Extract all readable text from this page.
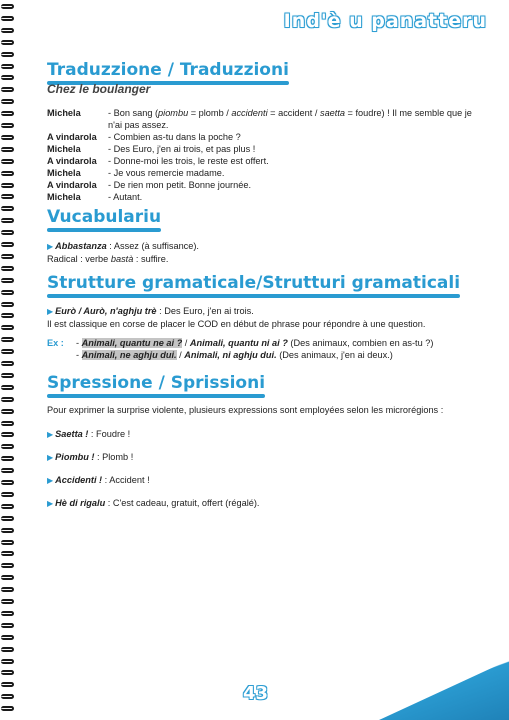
Ind'è u panatteru
Traduzzione / Traduzzioni
Chez le boulanger
Michela	- Bon sang (piombu = plomb / accidenti = accident / saetta = foudre) ! Il me semble que je n'ai pas assez.
A vindarola	- Combien as-tu dans la poche ?
Michela	- Des Euro, j'en ai trois, et pas plus !
A vindarola	- Donne-moi les trois, le reste est offert.
Michela	- Je vous remercie madame.
A vindarola	- De rien mon petit. Bonne journée.
Michela	- Autant.
Vucabulariu

▶ Abbastanza : Assez (à suffisance).
Radical : verbe bastà : suffire.

Strutture gramaticale/Strutturi gramaticali

▶ Eurò / Aurò, n'aghju trè : Des Euro, j'en ai trois.
Il est classique en corse de placer le COD en début de phrase pour répondre à une question.

Ex :	- Animali, quantu ne ai ? / Animali, quantu ni ai ? (Des animaux, combien en as-tu ?)
- Animali, ne aghju dui. / Animali, ni aghju dui. (Des animaux, j'en ai deux.)
Spressione / Sprissioni

Pour exprimer la surprise violente, plusieurs expressions sont employées selon les microrégions :

▶ Saetta ! : Foudre !

▶ Piombu ! : Plomb !

▶ Accidenti ! : Accident !

▶ Hè di rigalu : C'est cadeau, gratuit, offert (régalé).

43
